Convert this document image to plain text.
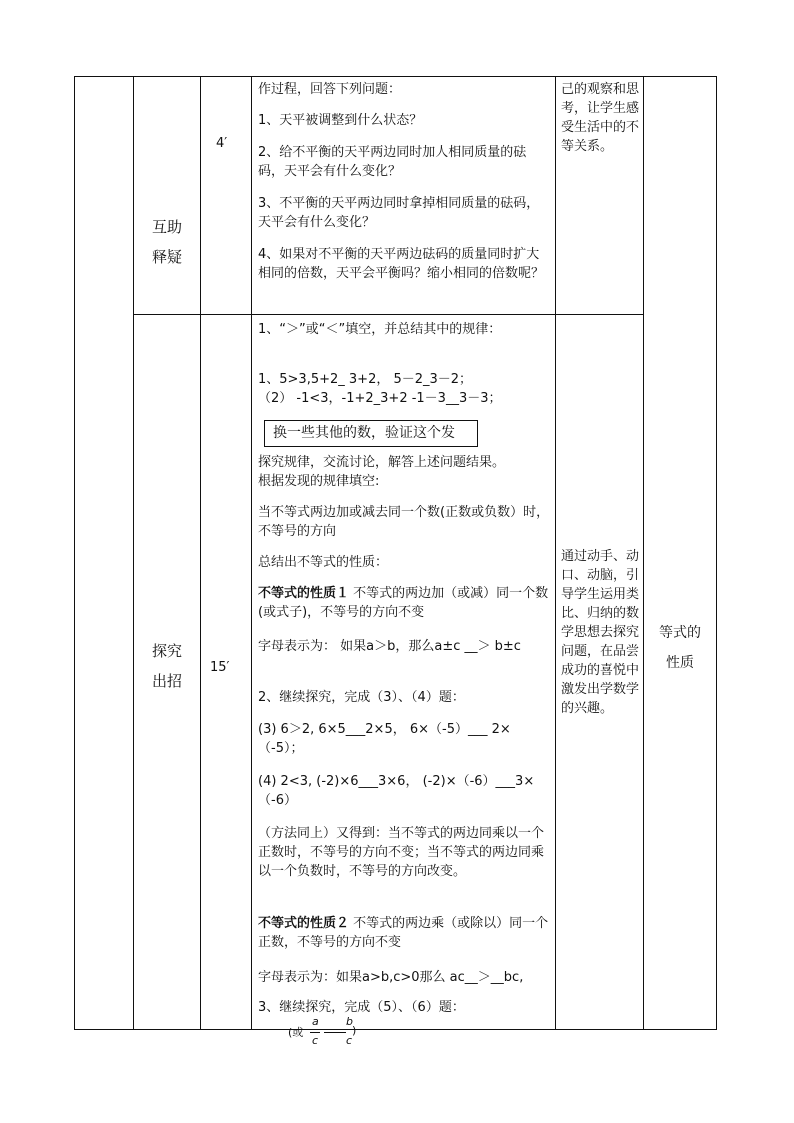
互助

释疑

4′
作过程，回答下列问题：
1、天平被调整到什么状态？
2、给不平衡的天平两边同时加人相同质量的砝码，天平会有什么变化？
3、不平衡的天平两边同时拿掉相同质量的砝码，天平会有什么变化？
4、如果对不平衡的天平两边砝码的质量同时扩大相同的倍数，天平会平衡吗？缩小相同的倍数呢？
己的观察和思考，让学生感受生活中的不等关系。

探究

出招

15′
1、“＞”或“＜”填空，并总结其中的规律：
1、5>3,5+2_ 3+2， 5－2_3－2；
（2） -1<3，-1+2_3+2 -1－3__3－3；
换一些其他的数，验证这个发
探究规律，交流讨论，解答上述问题结果。
根据发现的规律填空:
当不等式两边加或减去同一个数(正数或负数）时，不等号的方向
总结出不等式的性质：
不等式的性质１ 不等式的两边加（或减）同一个数(或式子)，不等号的方向不变
字母表示为： 如果a＞b，那么a±c __＞ b±c
2、继续探究，完成（3）、（4）题：
(3) 6＞2, 6×5___2×5， 6×（-5）___ 2×（-5）；
(4) 2<3, (-2)×6___3×6， (-2)×（-6）___3×（-6）
（方法同上）又得到：当不等式的两边同乘以一个正数时，不等号的方向不变；当不等式的两边同乘以一个负数时，不等号的方向改变。
不等式的性质２ 不等式的两边乘（或除以）同一个正数，不等号的方向不变
字母表示为：如果a>b,c>0那么 ac__＞__bc,
3、继续探究，完成（5）、（6）题：
(或
a
c
b
c
)
通过动手、动口、动脑，引导学生运用类比、归纳的数学思想去探究问题，在品尝成功的喜悦中激发出学数学的兴趣。

等式的

性质
